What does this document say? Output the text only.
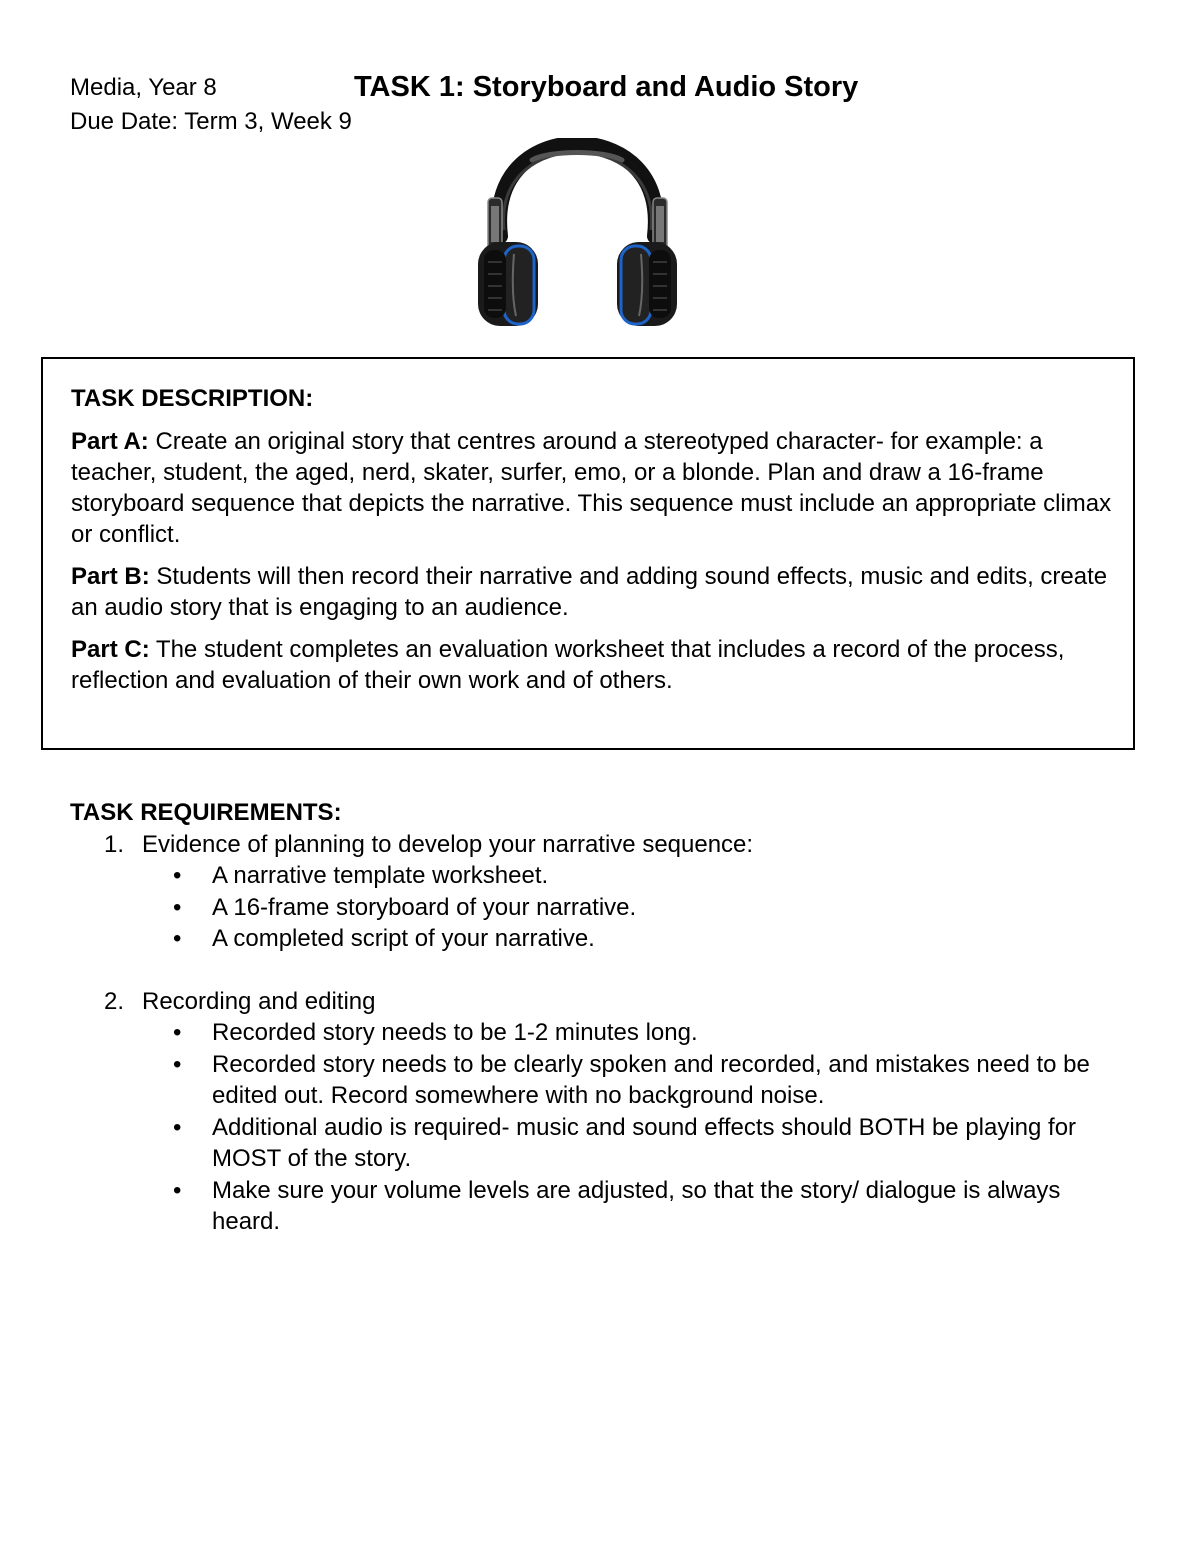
Media, Year 8	TASK 1: Storyboard and Audio Story
Due Date: Term 3, Week 9
TASK DESCRIPTION:

Part A: Create an original story that centres around a stereotyped character- for example: a teacher, student, the aged, nerd, skater, surfer, emo, or a blonde. Plan and draw a 16-frame storyboard sequence that depicts the narrative. This sequence must include an appropriate climax or conflict.

Part B: Students will then record their narrative and adding sound effects, music and edits, create an audio story that is engaging to an audience.

Part C: The student completes an evaluation worksheet that includes a record of the process, reflection and evaluation of their own work and of others.

TASK REQUIREMENTS:
1. Evidence of planning to develop your narrative sequence:
• A narrative template worksheet.
• A 16-frame storyboard of your narrative.
• A completed script of your narrative.
2. Recording and editing
• Recorded story needs to be 1-2 minutes long.
• Recorded story needs to be clearly spoken and recorded, and mistakes need to be edited out. Record somewhere with no background noise.
• Additional audio is required- music and sound effects should BOTH be playing for MOST of the story.
• Make sure your volume levels are adjusted, so that the story/ dialogue is always heard.
